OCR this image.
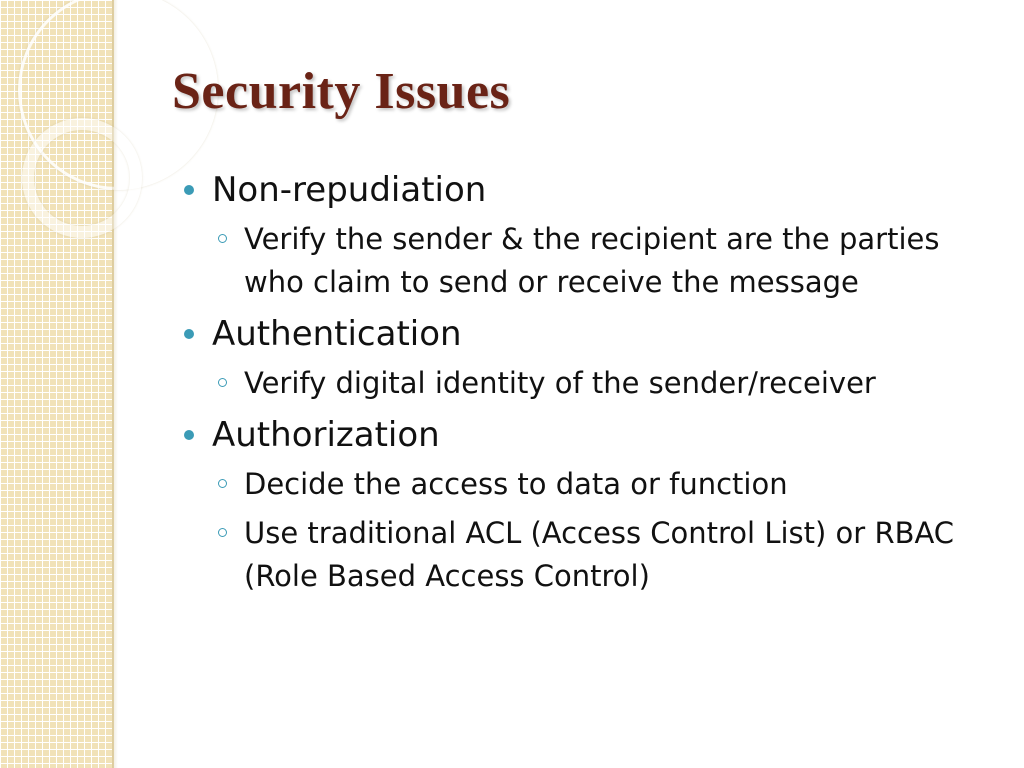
Security Issues
Non-repudiation
Verify the sender & the recipient are the parties who claim to send or receive the message
Authentication
Verify digital identity of the sender/receiver
Authorization
Decide the access to data or function
Use traditional ACL (Access Control List) or RBAC (Role Based Access Control)
